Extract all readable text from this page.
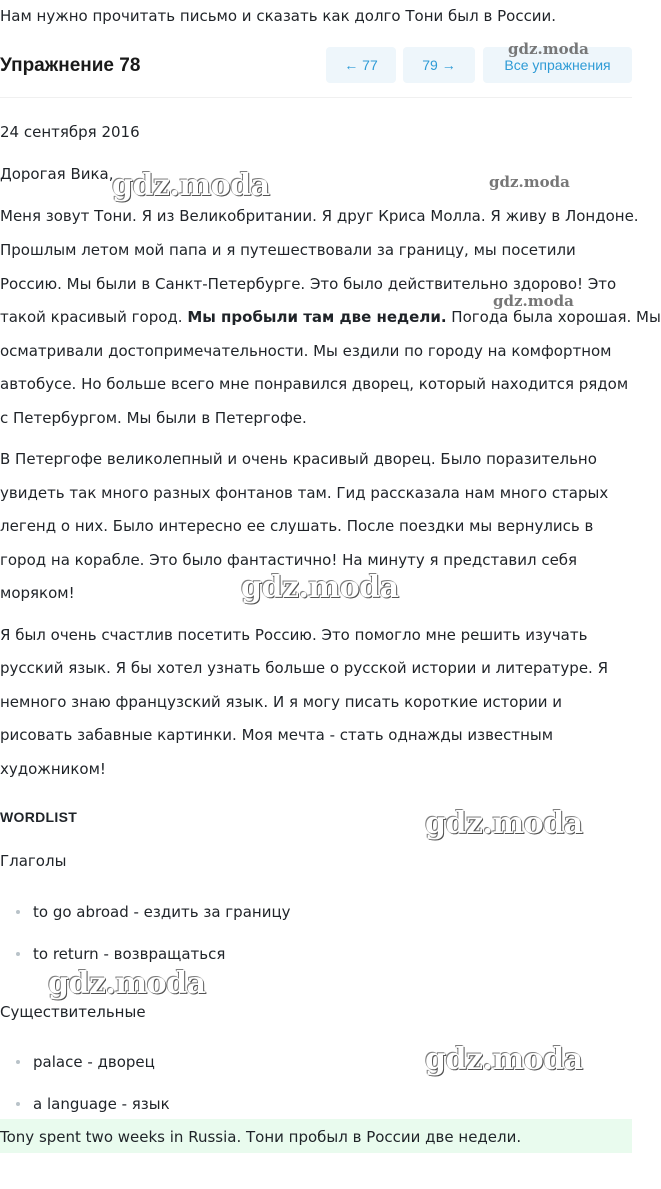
Нам нужно прочитать письмо и сказать как долго Тони был в России.
Упражнение 78	← 77	79 →	Все упражнения
24 сентября 2016
Дорогая Вика,
Меня зовут Тони. Я из Великобритании. Я друг Криса Молла. Я живу в Лондоне.
Прошлым летом мой папа и я путешествовали за границу, мы посетили
Россию. Мы были в Санкт-Петербурге. Это было действительно здорово! Это
такой красивый город. Мы пробыли там две недели. Погода была хорошая. Мы
осматривали достопримечательности. Мы ездили по городу на комфортном
автобусе. Но больше всего мне понравился дворец, который находится рядом
с Петербургом. Мы были в Петергофе.
В Петергофе великолепный и очень красивый дворец. Было поразительно
увидеть так много разных фонтанов там. Гид рассказала нам много старых
легенд о них. Было интересно ее слушать. После поездки мы вернулись в
город на корабле. Это было фантастично! На минуту я представил себя
моряком!
Я был очень счастлив посетить Россию. Это помогло мне решить изучать
русский язык. Я бы хотел узнать больше о русской истории и литературе. Я
немного знаю французский язык. И я могу писать короткие истории и
рисовать забавные картинки. Моя мечта - стать однажды известным
художником!
WORDLIST
Глаголы
to go abroad - ездить за границу
to return - возвращаться
Существительные
palace - дворец
a language - язык
Tony spent two weeks in Russia. Тони пробыл в России две недели.
gdz.moda
gdz.moda	gdz.moda
gdz.moda
gdz.moda
gdz.moda
gdz.moda
gdz.moda
